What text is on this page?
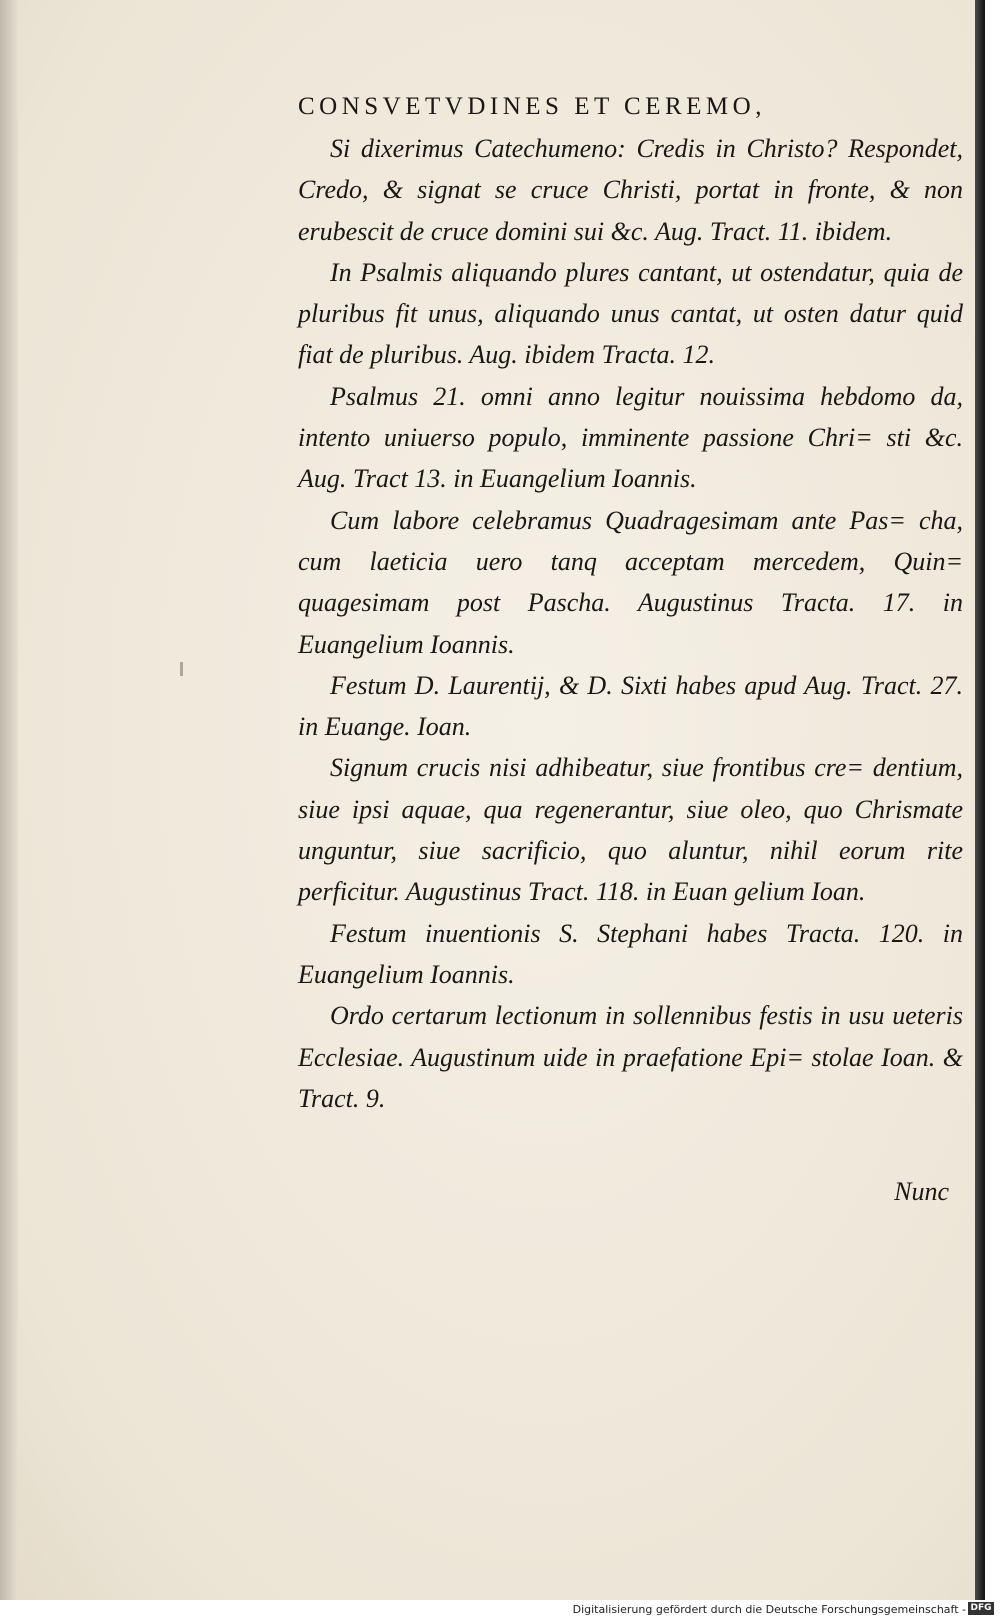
CONSVETVDINES ET CEREMO,

Si dixerimus Catechumeno: Credis in Christo? Respondet, Credo, & signat se cruce Christi, portat in fronte, & non erubescit de cruce domini sui &c. Aug. Tract. 11. ibidem.

In Psalmis aliquando plures cantant, ut ostendatur, quia de pluribus fit unus, aliquando unus cantat, ut osten datur quid fiat de pluribus. Aug. ibidem Tracta. 12.

Psalmus 21. omni anno legitur nouissima hebdomo da, intento uniuerso populo, imminente passione Chri= sti &c. Aug. Tract 13. in Euangelium Ioannis.

Cum labore celebramus Quadragesimam ante Pas= cha, cum laeticia uero tanq acceptam mercedem, Quin= quagesimam post Pascha. Augustinus Tracta. 17. in Euangelium Ioannis.

Festum D. Laurentij, & D. Sixti habes apud Aug. Tract. 27. in Euange. Ioan.

Signum crucis nisi adhibeatur, siue frontibus cre= dentium, siue ipsi aquae, qua regenerantur, siue oleo, quo Chrismate unguntur, siue sacrificio, quo aluntur, nihil eorum rite perficitur. Augustinus Tract. 118. in Euan gelium Ioan.

Festum inuentionis S. Stephani habes Tracta. 120. in Euangelium Ioannis.

Ordo certarum lectionum in sollennibus festis in usu ueteris Ecclesiae. Augustinum uide in praefatione Epi= stolae Ioan. & Tract. 9.

Nunc
Digitalisierung gefördert durch die Deutsche Forschungsgemeinschaft - DFG
